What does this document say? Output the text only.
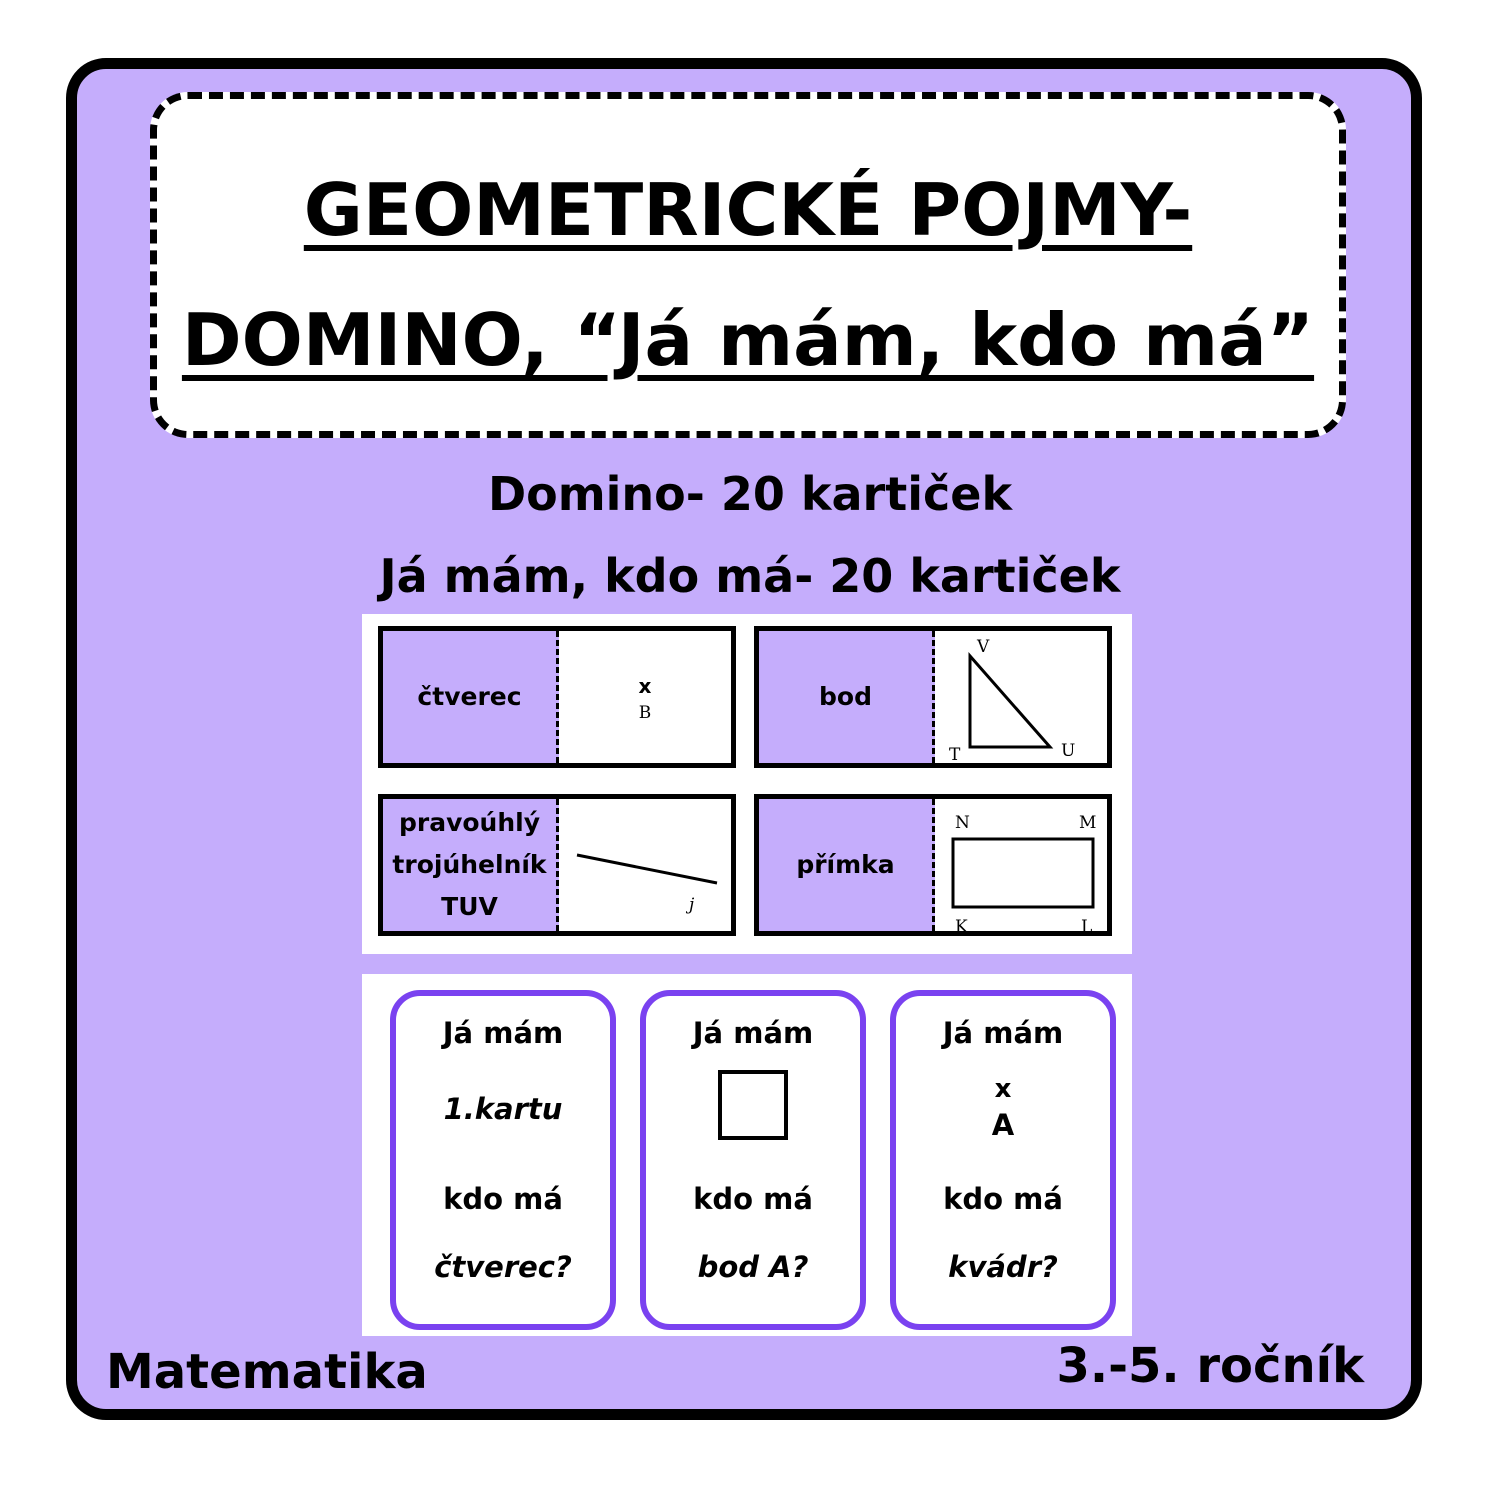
GEOMETRICKÉ POJMY-
DOMINO, “Já mám, kdo má”
Domino- 20 kartiček
Já mám, kdo má- 20 kartiček
čtverec	x
B
bod
V
T	U
pravoúhlý
trojúhelník
TUV	j
přímka
N	M
K	L
Já mám
1.kartu
kdo má
čtverec?
Já mám
kdo má
bod A?
Já mám
x
A
kdo má
kvádr?
Matematika	3.-5. ročník
